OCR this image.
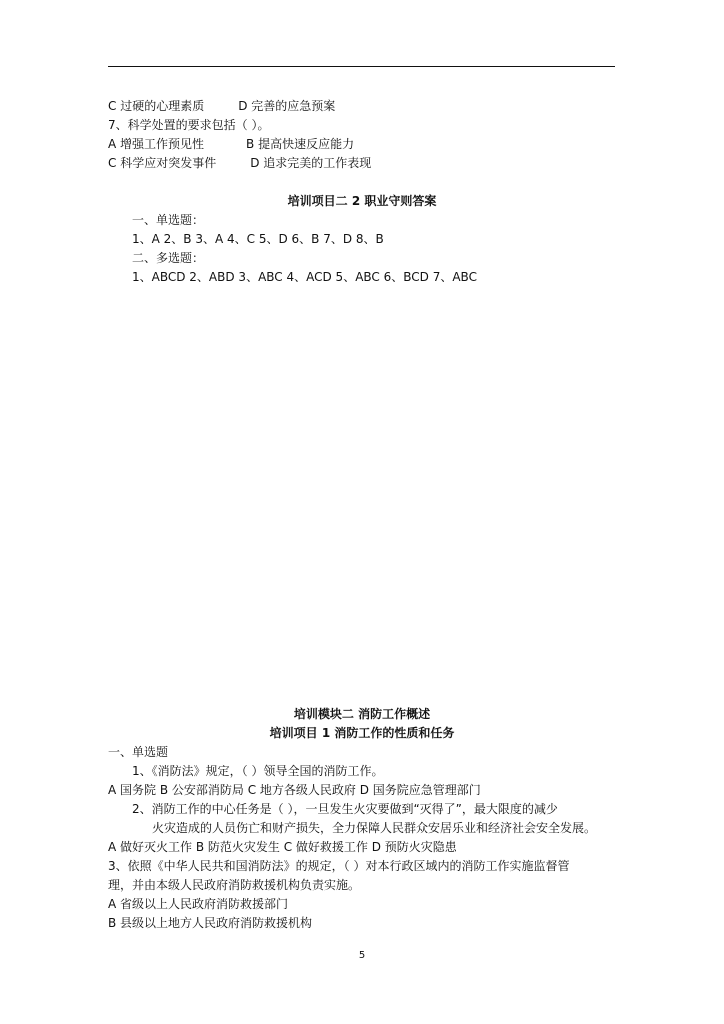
C 过硬的心理素质	D 完善的应急预案
7、科学处置的要求包括（ ）。
A 增强工作预见性	B 提高快速反应能力
C 科学应对突发事件	D 追求完美的工作表现
培训项目二 2 职业守则答案
一、单选题：
1、A 2、B 3、A 4、C 5、D 6、B 7、D 8、B
二、多选题：
1、ABCD 2、ABD 3、ABC 4、ACD 5、ABC 6、BCD 7、ABC
培训模块二 消防工作概述
培训项目 1 消防工作的性质和任务
一、单选题
1、《消防法》规定，（ ）领导全国的消防工作。
A 国务院 B 公安部消防局 C 地方各级人民政府 D 国务院应急管理部门
2、消防工作的中心任务是（ ），一旦发生火灾要做到“灭得了”，最大限度的减少
火灾造成的人员伤亡和财产损失，全力保障人民群众安居乐业和经济社会安全发展。
A 做好灭火工作 B 防范火灾发生 C 做好救援工作 D 预防火灾隐患
3、依照《中华人民共和国消防法》的规定，（ ）对本行政区域内的消防工作实施监督管
理，并由本级人民政府消防救援机构负责实施。
A 省级以上人民政府消防救援部门
B 县级以上地方人民政府消防救援机构
5
